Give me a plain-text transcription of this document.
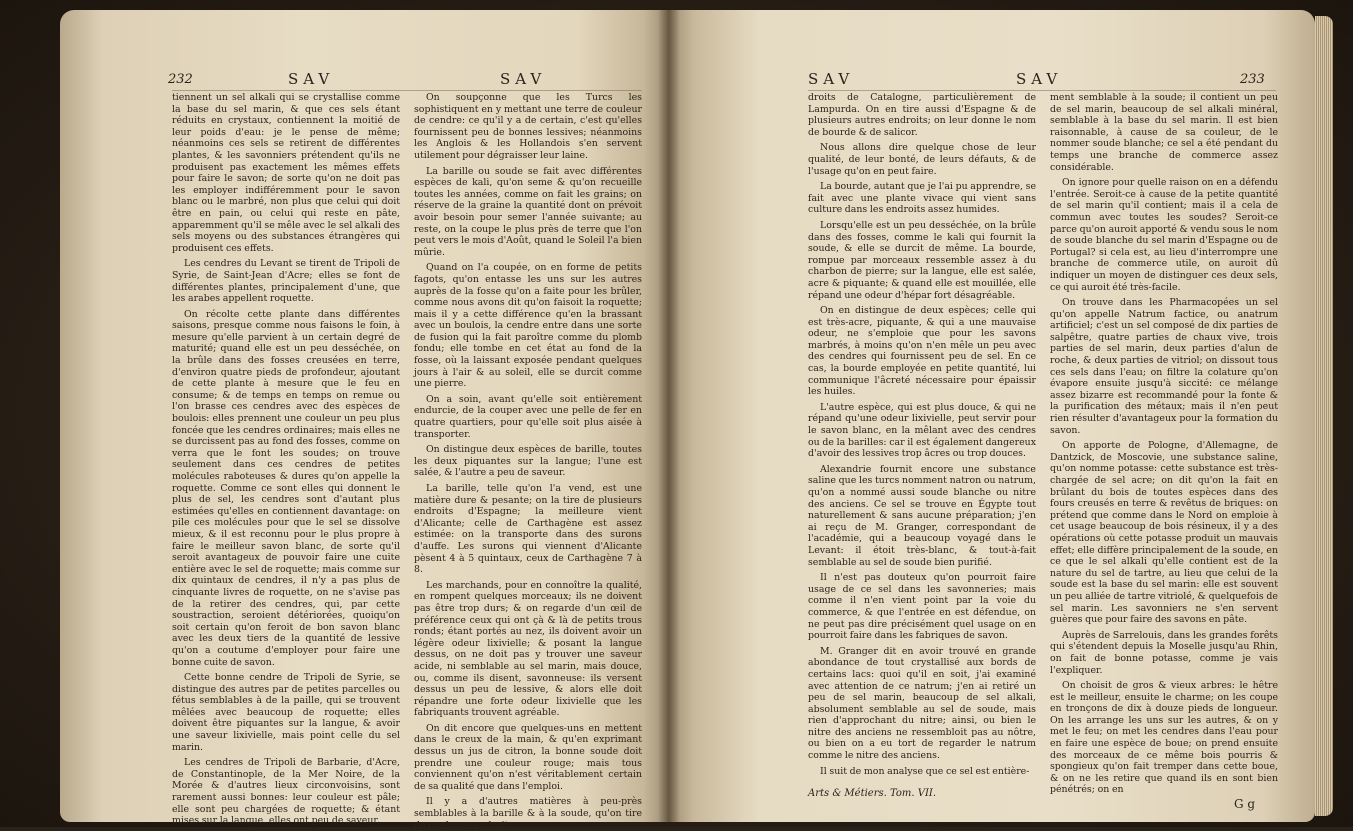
232	SAV	SAV

tiennent un sel alkali qui se crystallise comme la base du sel marin, & que ces sels étant réduits en crystaux, contiennent la moitié de leur poids d'eau: je le pense de même; néanmoins ces sels se retirent de différentes plantes, & les savonniers prétendent qu'ils ne produisent pas exactement les mêmes effets pour faire le savon; de sorte qu'on ne doit pas les employer indifféremment pour le savon blanc ou le marbré, non plus que celui qui doit être en pain, ou celui qui reste en pâte, apparemment qu'il se mêle avec le sel alkali des sels moyens ou des substances étrangères qui produisent ces effets.

Les cendres du Levant se tirent de Tripoli de Syrie, de Saint-Jean d'Acre; elles se font de différentes plantes, principalement d'une, que les arabes appellent roquette.

On récolte cette plante dans différentes saisons, presque comme nous faisons le foin, à mesure qu'elle parvient à un certain degré de maturité; quand elle est un peu desséchée, on la brûle dans des fosses creusées en terre, d'environ quatre pieds de profondeur, ajoutant de cette plante à mesure que le feu en consume; & de temps en temps on remue ou l'on brasse ces cendres avec des espèces de boulois: elles prennent une couleur un peu plus foncée que les cendres ordinaires; mais elles ne se durcissent pas au fond des fosses, comme on verra que le font les soudes; on trouve seulement dans ces cendres de petites molécules raboteuses & dures qu'on appelle la roquette. Comme ce sont elles qui donnent le plus de sel, les cendres sont d'autant plus estimées qu'elles en contiennent davantage: on pile ces molécules pour que le sel se dissolve mieux, & il est reconnu pour le plus propre à faire le meilleur savon blanc, de sorte qu'il seroit avantageux de pouvoir faire une cuite entière avec le sel de roquette; mais comme sur dix quintaux de cendres, il n'y a pas plus de cinquante livres de roquette, on ne s'avise pas de la retirer des cendres, qui, par cette soustraction, seroient détériorées, quoiqu'on soit certain qu'on feroit de bon savon blanc avec les deux tiers de la quantité de lessive qu'on a coutume d'employer pour faire une bonne cuite de savon.

Cette bonne cendre de Tripoli de Syrie, se distingue des autres par de petites parcelles ou fétus semblables à de la paille, qui se trouvent mêlées avec beaucoup de roquette; elles doivent être piquantes sur la langue, & avoir une saveur lixivielle, mais point celle du sel marin.

Les cendres de Tripoli de Barbarie, d'Acre, de Constantinople, de la Mer Noire, de la Morée & d'autres lieux circonvoisins, sont rarement aussi bonnes: leur couleur est pâle; elle sont peu chargées de roquette; & étant mises sur la langue, elles ont peu de saveur.

On soupçonne que les Turcs les sophistiquent en y mettant une terre de couleur de cendre: ce qu'il y a de certain, c'est qu'elles fournissent peu de bonnes lessives; néanmoins les Anglois & les Hollandois s'en servent utilement pour dégraisser leur laine.

La barille ou soude se fait avec différentes espèces de kali, qu'on seme & qu'on recueille toutes les années, comme on fait les grains; on réserve de la graine la quantité dont on prévoit avoir besoin pour semer l'année suivante; au reste, on la coupe le plus près de terre que l'on peut vers le mois d'Août, quand le Soleil l'a bien mûrie.

Quand on l'a coupée, on en forme de petits fagots, qu'on entasse les uns sur les autres auprès de la fosse qu'on a faite pour les brûler, comme nous avons dit qu'on faisoit la roquette; mais il y a cette différence qu'en la brassant avec un boulois, la cendre entre dans une sorte de fusion qui la fait paroître comme du plomb fondu; elle tombe en cet état au fond de la fosse, où la laissant exposée pendant quelques jours à l'air & au soleil, elle se durcit comme une pierre.

On a soin, avant qu'elle soit entièrement endurcie, de la couper avec une pelle de fer en quatre quartiers, pour qu'elle soit plus aisée à transporter.

On distingue deux espèces de barille, toutes les deux piquantes sur la langue; l'une est salée, & l'autre a peu de saveur.

La barille, telle qu'on l'a vend, est une matière dure & pesante; on la tire de plusieurs endroits d'Espagne; la meilleure vient d'Alicante; celle de Carthagène est assez estimée: on la transporte dans des surons d'auffe. Les surons qui viennent d'Alicante pèsent 4 à 5 quintaux, ceux de Carthagène 7 à 8.

Les marchands, pour en connoître la qualité, en rompent quelques morceaux; ils ne doivent pas être trop durs; & on regarde d'un œil de préférence ceux qui ont çà & là de petits trous ronds; étant portés au nez, ils doivent avoir un légère odeur lixivielle; & posant la langue dessus, on ne doit pas y trouver une saveur acide, ni semblable au sel marin, mais douce, ou, comme ils disent, savonneuse: ils versent dessus un peu de lessive, & alors elle doit répandre une forte odeur lixivielle que les fabriquants trouvent agréable.

On dit encore que quelques-uns en mettent dans le creux de la main, & qu'en exprimant dessus un jus de citron, la bonne soude doit prendre une couleur rouge; mais tous conviennent qu'on n'est véritablement certain de sa qualité que dans l'emploi.

Il y a d'autres matières à peu-près semblables à la barille & à la soude, qu'on tire de quelques endroits

SAV	SAV	233

droits de Catalogne, particulièrement de Lampurda. On en tire aussi d'Espagne & de plusieurs autres endroits; on leur donne le nom de bourde & de salicor.

Nous allons dire quelque chose de leur qualité, de leur bonté, de leurs défauts, & de l'usage qu'on en peut faire.

La bourde, autant que je l'ai pu apprendre, se fait avec une plante vivace qui vient sans culture dans les endroits assez humides.

Lorsqu'elle est un peu desséchée, on la brûle dans des fosses, comme le kali qui fournit la soude, & elle se durcit de même. La bourde, rompue par morceaux ressemble assez à du charbon de pierre; sur la langue, elle est salée, acre & piquante; & quand elle est mouillée, elle répand une odeur d'hépar fort désagréable.

On en distingue de deux espèces; celle qui est très-acre, piquante, & qui a une mauvaise odeur, ne s'emploie que pour les savons marbrés, à moins qu'on n'en mêle un peu avec des cendres qui fournissent peu de sel. En ce cas, la bourde employée en petite quantité, lui communique l'âcreté nécessaire pour épaissir les huiles.

L'autre espèce, qui est plus douce, & qui ne répand qu'une odeur lixivielle, peut servir pour le savon blanc, en la mêlant avec des cendres ou de la barilles: car il est également dangereux d'avoir des lessives trop âcres ou trop douces.

Alexandrie fournit encore une substance saline que les turcs nomment natron ou natrum, qu'on a nommé aussi soude blanche ou nitre des anciens. Ce sel se trouve en Égypte tout naturellement & sans aucune préparation; j'en ai reçu de M. Granger, correspondant de l'académie, qui a beaucoup voyagé dans le Levant: il étoit très-blanc, & tout-à-fait semblable au sel de soude bien purifié.

Il n'est pas douteux qu'on pourroit faire usage de ce sel dans les savonneries; mais comme il n'en vient point par la voie du commerce, & que l'entrée en est défendue, on ne peut pas dire précisément quel usage on en pourroit faire dans les fabriques de savon.

M. Granger dit en avoir trouvé en grande abondance de tout crystallisé aux bords de certains lacs: quoi qu'il en soit, j'ai examiné avec attention de ce natrum; j'en ai retiré un peu de sel marin, beaucoup de sel alkali, absolument semblable au sel de soude, mais rien d'approchant du nitre; ainsi, ou bien le nitre des anciens ne ressembloit pas au nôtre, ou bien on a eu tort de regarder le natrum comme le nitre des anciens.

Il suit de mon analyse que ce sel est entière-

ment semblable à la soude; il contient un peu de sel marin, beaucoup de sel alkali minéral, semblable à la base du sel marin. Il est bien raisonnable, à cause de sa couleur, de le nommer soude blanche; ce sel a été pendant du temps une branche de commerce assez considérable.

On ignore pour quelle raison on en a défendu l'entrée. Seroit-ce à cause de la petite quantité de sel marin qu'il contient; mais il a cela de commun avec toutes les soudes? Seroit-ce parce qu'on auroit apporté & vendu sous le nom de soude blanche du sel marin d'Espagne ou de Portugal? si cela est, au lieu d'interrompre une branche de commerce utile, on auroit dû indiquer un moyen de distinguer ces deux sels, ce qui auroit été très-facile.

On trouve dans les Pharmacopées un sel qu'on appelle Natrum factice, ou anatrum artificiel; c'est un sel composé de dix parties de salpêtre, quatre parties de chaux vive, trois parties de sel marin, deux parties d'alun de roche, & deux parties de vitriol; on dissout tous ces sels dans l'eau; on filtre la colature qu'on évapore ensuite jusqu'à siccité: ce mélange assez bizarre est recommandé pour la fonte & la purification des métaux; mais il n'en peut rien résulter d'avantageux pour la formation du savon.

On apporte de Pologne, d'Allemagne, de Dantzick, de Moscovie, une substance saline, qu'on nomme potasse: cette substance est très-chargée de sel acre; on dit qu'on la fait en brûlant du bois de toutes espèces dans des fours creusés en terre & revêtus de briques: on prétend que comme dans le Nord on emploie à cet usage beaucoup de bois résineux, il y a des opérations où cette potasse produit un mauvais effet; elle diffère principalement de la soude, en ce que le sel alkali qu'elle contient est de la nature du sel de tartre, au lieu que celui de la soude est la base du sel marin: elle est souvent un peu alliée de tartre vitriolé, & quelquefois de sel marin. Les savonniers ne s'en servent guères que pour faire des savons en pâte.

Auprès de Sarrelouis, dans les grandes forêts qui s'étendent depuis la Moselle jusqu'au Rhin, on fait de bonne potasse, comme je vais l'expliquer.

On choisit de gros & vieux arbres: le hêtre est le meilleur, ensuite le charme; on les coupe en tronçons de dix à douze pieds de longueur. On les arrange les uns sur les autres, & on y met le feu; on met les cendres dans l'eau pour en faire une espèce de boue; on prend ensuite des morceaux de ce même bois pourris & spongieux qu'on fait tremper dans cette boue, & on ne les retire que quand ils en sont bien pénétrés; on en

Arts & Métiers. Tom. VII.
G g
